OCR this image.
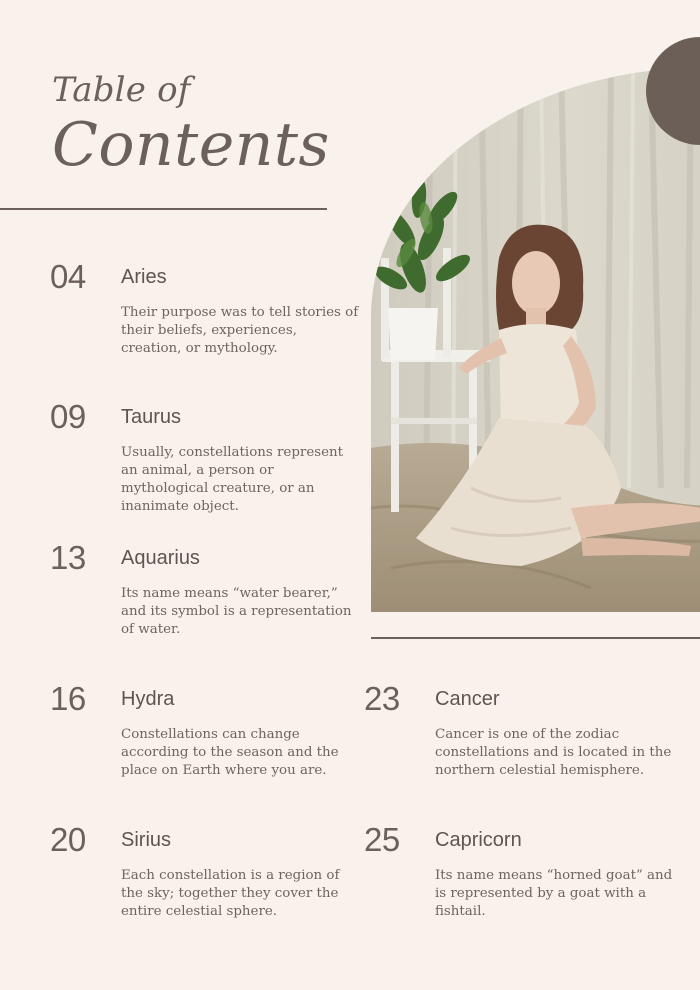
Table of
Contents
04 Aries

Their purpose was to tell stories of their beliefs, experiences, creation, or mythology.

09 Taurus

Usually, constellations represent an animal, a person or mythological creature, or an inanimate object.

13 Aquarius

Its name means “water bearer,” and its symbol is a representation of water.

16 Hydra

Constellations can change according to the season and the place on Earth where you are.

20 Sirius

Each constellation is a region of the sky; together they cover the entire celestial sphere.

23 Cancer

Cancer is one of the zodiac constellations and is located in the northern celestial hemisphere.

25 Capricorn

Its name means “horned goat” and is represented by a goat with a fishtail.
